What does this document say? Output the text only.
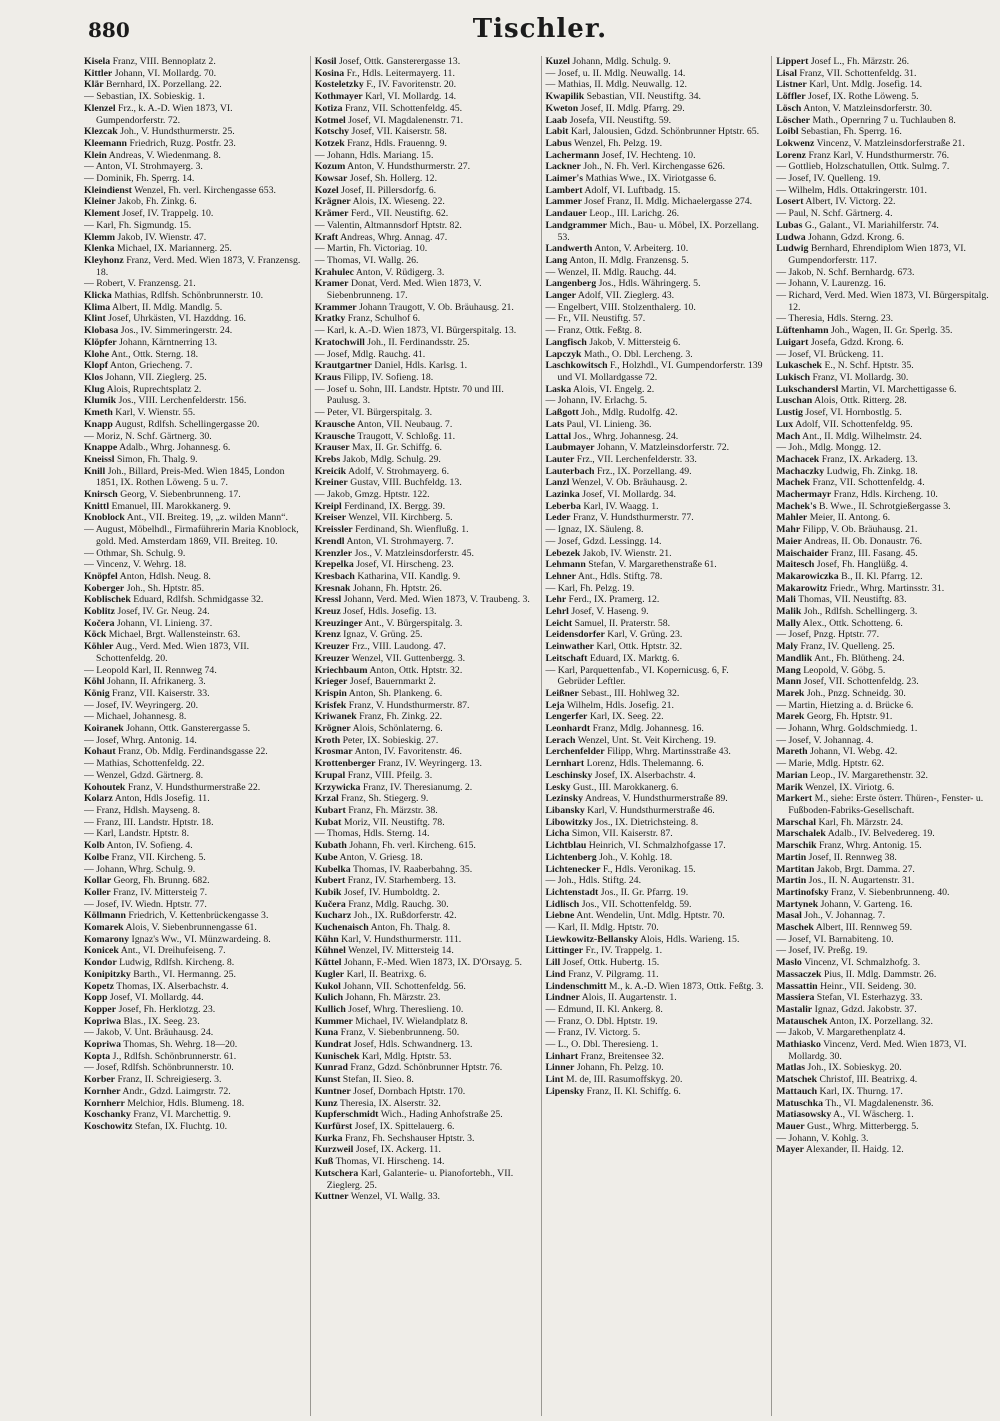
880	Tischler.
Kisela Franz, VIII. Bennoplatz 2.
Kittler Johann, VI. Mollardg. 70.
Klär Bernhard, IX. Porzellang. 22.
— Sebastian, IX. Sobieskig. 1.
Klenzel Frz., k. A.-D. Wien 1873, VI. Gumpendorferstr. 72.
Klezcak Joh., V. Hundsthurmerstr. 25.
Kleemann Friedrich, Ruzg. Postfr. 23.
Klein Andreas, V. Wiedenmang. 8.
— Anton, VI. Strohmayerg. 3.
— Dominik, Fh. Sperrg. 14.
Kleindienst Wenzel, Fh. verl. Kirchengasse 653.
Kleiner Jakob, Fh. Zinkg. 6.
Klement Josef, IV. Trappelg. 10.
— Karl, Fh. Sigmundg. 15.
Klemm Jakob, IV. Wienstr. 47.
Klenka Michael, IX. Mariannerg. 25.
Kleyhonz Franz, Verd. Med. Wien 1873, V. Franzensg. 18.
— Robert, V. Franzensg. 21.
Klicka Mathias, Rdlfsh. Schönbrunnerstr. 10.
Klima Albert, II. Mdlg. Mandlg. 5.
Klint Josef, Uhrkästen, VI. Hazddng. 16.
Klobasa Jos., IV. Simmeringerstr. 24.
Klöpfer Johann, Kärntnerring 13.
Klohe Ant., Ottk. Sterng. 18.
Klopf Anton, Griecheng. 7.
Klos Johann, VII. Zieglerg. 25.
Klug Alois, Ruprechtsplatz 2.
Klumik Jos., VIII. Lerchenfelderstr. 156.
Kmeth Karl, V. Wienstr. 55.
Knapp August, Rdlfsh. Schellingergasse 20.
— Moriz, N. Schf. Gärtnerg. 30.
Knappe Adalb., Whrg. Johannesg. 6.
Kneissl Simon, Fh. Thalg. 9.
Knill Joh., Billard, Preis-Med. Wien 1845, London 1851, IX. Rothen Löweng. 5 u. 7.
Knirsch Georg, V. Siebenbrunneng. 17.
Knittl Emanuel, III. Marokkanerg. 9.
Knoblock Ant., VII. Breiteg. 19, „z. wilden Mann“.
— August, Möbelhdl., Firmaführerin Maria Knoblock, gold. Med. Amsterdam 1869, VII. Breiteg. 10.
— Othmar, Sh. Schulg. 9.
— Vincenz, V. Wehrg. 18.
Knöpfel Anton, Hdlsh. Neug. 8.
Koberger Joh., Sh. Hptstr. 85.
Koblischek Eduard, Rdlfsh. Schmidgasse 32.
Koblitz Josef, IV. Gr. Neug. 24.
Kočera Johann, VI. Linieng. 37.
Köck Michael, Brgt. Wallensteinstr. 63.
Köhler Aug., Verd. Med. Wien 1873, VII. Schottenfeldg. 20.
— Leopold Karl, II. Rennweg 74.
Köhl Johann, II. Afrikanerg. 3.
König Franz, VII. Kaiserstr. 33.
— Josef, IV. Weyringerg. 20.
— Michael, Johannesg. 8.
Koiranek Johann, Ottk. Gansterergasse 5.
— Josef, Whrg. Antonig. 14.
Kohaut Franz, Ob. Mdlg. Ferdinandsgasse 22.
— Mathias, Schottenfeldg. 22.
— Wenzel, Gdzd. Gärtnerg. 8.
Kohoutek Franz, V. Hundsthurmerstraße 22.
Kolarz Anton, Hdls Josefig. 11.
— Franz, Hdlsh. Mayseng. 8.
— Franz, III. Landstr. Hptstr. 18.
— Karl, Landstr. Hptstr. 8.
Kolb Anton, IV. Sofieng. 4.
Kolbe Franz, VII. Kircheng. 5.
— Johann, Whrg. Schulg. 9.
Kollar Georg, Fh. Brunng. 682.
Koller Franz, IV. Mittersteig 7.
— Josef, IV. Wiedn. Hptstr. 77.
Köllmann Friedrich, V. Kettenbrückengasse 3.
Komarek Alois, V. Siebenbrunnengasse 61.
Komarony Ignaz's Ww., VI. Münzwardeing. 8.
Konicek Ant., VI. Dreihufeiseng. 7.
Kondor Ludwig, Rdlfsh. Kircheng. 8.
Konipitzky Barth., VI. Hermanng. 25.
Kopetz Thomas, IX. Alserbachstr. 4.
Kopp Josef, VI. Mollardg. 44.
Kopper Josef, Fh. Herklotzg. 23.
Kopriwa Blas., IX. Seeg. 23.
— Jakob, V. Unt. Bräuhausg. 24.
Kopriwa Thomas, Sh. Wehrg. 18—20.
Kopta J., Rdlfsh. Schönbrunnerstr. 61.
— Josef, Rdlfsh. Schönbrunnerstr. 10.
Korber Franz, II. Schreigieserg. 3.
Kornher Andr., Gdzd. Laimgrstr. 72.
Kornherr Melchior, Hdls. Blumeng. 18.
Koschanky Franz, VI. Marchettig. 9.
Koschowitz Stefan, IX. Fluchtg. 10.
Kosil Josef, Ottk. Gansterergasse 13.
Kosina Fr., Hdls. Leitermayerg. 11.
Kosteletzky F., IV. Favoritenstr. 20.
Kothmayer Karl, VI. Mollardg. 14.
Kotiza Franz, VII. Schottenfeldg. 45.
Kotmel Josef, VI. Magdalenenstr. 71.
Kotschy Josef, VII. Kaiserstr. 58.
Kotzek Franz, Hdls. Frauenng. 9.
— Johann, Hdls. Mariang. 15.
Kozum Anton, V. Hundsthurmerstr. 27.
Kowsar Josef, Sh. Hollerg. 12.
Kozel Josef, II. Pillersdorfg. 6.
Krägner Alois, IX. Wieseng. 22.
Krämer Ferd., VII. Neustiftg. 62.
— Valentin, Altmannsdorf Hptstr. 82.
Kraft Andreas, Whrg. Annag. 47.
— Martin, Fh. Victoriag. 10.
— Thomas, VI. Wallg. 26.
Krahulec Anton, V. Rüdigerg. 3.
Kramer Donat, Verd. Med. Wien 1873, V. Siebenbrunneng. 17.
Krammer Johann Traugott, V. Ob. Bräuhausg. 21.
Kratky Franz, Schulhof 6.
— Karl, k. A.-D. Wien 1873, VI. Bürgerspitalg. 13.
Kratochwill Joh., II. Ferdinandsstr. 25.
— Josef, Mdlg. Rauchg. 41.
Krautgartner Daniel, Hdls. Karlsg. 1.
Kraus Filipp, IV. Sofieng. 18.
— Josef u. Sohn, III. Landstr. Hptstr. 70 und III. Paulusg. 3.
— Peter, VI. Bürgerspitalg. 3.
Krausche Anton, VII. Neubaug. 7.
Krausche Traugott, V. Schloßg. 11.
Krauser Max, II. Gr. Schiffg. 6.
Krebs Jakob, Mdlg. Schulg. 29.
Kreicik Adolf, V. Strohmayerg. 6.
Kreiner Gustav, VIII. Buchfeldg. 13.
— Jakob, Gmzg. Hptstr. 122.
Kreipl Ferdinand, IX. Bergg. 39.
Kreiser Wenzel, VII. Kirchberg. 5.
Kreissler Ferdinand, Sh. Wienflußg. 1.
Krendl Anton, VI. Strohmayerg. 7.
Krenzler Jos., V. Matzleinsdorferstr. 45.
Krepelka Josef, VI. Hirscheng. 23.
Kresbach Katharina, VII. Kandlg. 9.
Kresnak Johann, Fh. Hptstr. 26.
Kressl Johann, Verd. Med. Wien 1873, V. Traubeng. 3.
Kreuz Josef, Hdls. Josefig. 13.
Kreuzinger Ant., V. Bürgerspitalg. 3.
Krenz Ignaz, V. Grüng. 25.
Kreuzer Frz., VIII. Laudong. 47.
Kreuzer Wenzel, VII. Guttenbergg. 3.
Kriechbaum Anton, Ottk. Hptstr. 32.
Krieger Josef, Bauernmarkt 2.
Krispin Anton, Sh. Plankeng. 6.
Krisfek Franz, V. Hundsthurmerstr. 87.
Kriwanek Franz, Fh. Zinkg. 22.
Krögner Alois, Schönlaterng. 6.
Kroth Peter, IX. Sobieskig. 27.
Krosmar Anton, IV. Favoritenstr. 46.
Krottenberger Franz, IV. Weyringerg. 13.
Krupal Franz, VIII. Pfeilg. 3.
Krzywicka Franz, IV. Theresianumg. 2.
Krzal Franz, Sh. Stiegerg. 9.
Kubart Franz, Fh. Märzstr. 38.
Kubat Moriz, VII. Neustiftg. 78.
— Thomas, Hdls. Sterng. 14.
Kubath Johann, Fh. verl. Kircheng. 615.
Kube Anton, V. Griesg. 18.
Kubelka Thomas, IV. Raaberbahng. 35.
Kubert Franz, IV. Starhemberg. 13.
Kubik Josef, IV. Humboldtg. 2.
Kučera Franz, Mdlg. Rauchg. 30.
Kucharz Joh., IX. Rußdorferstr. 42.
Kuchenaisch Anton, Fh. Thalg. 8.
Kühn Karl, V. Hundsthurmerstr. 111.
Kühnel Wenzel, IV. Mittersteig 14.
Küttel Johann, F.-Med. Wien 1873, IX. D'Orsayg. 5.
Kugler Karl, II. Beatrixg. 6.
Kukol Johann, VII. Schottenfeldg. 56.
Kulich Johann, Fh. Märzstr. 23.
Kullich Josef, Whrg. Thereslieng. 10.
Kummer Michael, IV. Wielandplatz 8.
Kuna Franz, V. Siebenbrunneng. 50.
Kundrat Josef, Hdls. Schwandnerg. 13.
Kunischek Karl, Mdlg. Hptstr. 53.
Kunrad Franz, Gdzd. Schönbrunner Hptstr. 76.
Kunst Stefan, II. Sieo. 8.
Kuntner Josef, Dornbach Hptstr. 170.
Kunz Theresia, IX. Alserstr. 32.
Kupferschmidt Wich., Hading Anhofstraße 25.
Kurfürst Josef, IX. Spittelauerg. 6.
Kurka Franz, Fh. Sechshauser Hptstr. 3.
Kurzweil Josef, IX. Ackerg. 11.
Kuß Thomas, VI. Hirscheng. 14.
Kutschera Karl, Galanterie- u. Pianofortebh., VII. Zieglerg. 25.
Kuttner Wenzel, VI. Wallg. 33.
Kuzel Johann, Mdlg. Schulg. 9.
— Josef, u. II. Mdlg. Neuwallg. 14.
— Mathias, II. Mdlg. Neuwallg. 12.
Kwapilik Sebastian, VII. Neustiftg. 34.
Kweton Josef, II. Mdlg. Pfarrg. 29.
Laab Josefa, VII. Neustiftg. 59.
Labit Karl, Jalousien, Gdzd. Schönbrunner Hptstr. 65.
Labus Wenzel, Fh. Pelzg. 19.
Lachermann Josef, IV. Hechteng. 10.
Lackner Joh., N. Fh. Verl. Kirchengasse 626.
Laimer's Mathias Wwe., IX. Viriotgasse 6.
Lambert Adolf, VI. Luftbadg. 15.
Lammer Josef Franz, II. Mdlg. Michaelergasse 274.
Landauer Leop., III. Larichg. 26.
Landgrammer Mich., Bau- u. Möbel, IX. Porzellang. 53.
Landwerth Anton, V. Arbeiterg. 10.
Lang Anton, II. Mdlg. Franzensg. 5.
— Wenzel, II. Mdlg. Rauchg. 44.
Langenberg Jos., Hdls. Währingerg. 5.
Langer Adolf, VII. Zieglerg. 43.
— Engelbert, VIII. Stolzenthalerg. 10.
— Fr., VII. Neustiftg. 57.
— Franz, Ottk. Feßtg. 8.
Langfisch Jakob, V. Mittersteig 6.
Lapczyk Math., O. Dbl. Lercheng. 3.
Laschkowitsch F., Holzhdl., VI. Gumpendorferstr. 139 und VI. Mollardgasse 72.
Laska Alois, VI. Engelg. 2.
— Johann, IV. Erlachg. 5.
Laßgott Joh., Mdlg. Rudolfg. 42.
Lats Paul, VI. Linieng. 36.
Lattal Jos., Whrg. Johannesg. 24.
Laubmayer Johann, V. Matzleinsdorferstr. 72.
Lauter Frz., VII. Lerchenfelderstr. 33.
Lauterbach Frz., IX. Porzellang. 49.
Lanzl Wenzel, V. Ob. Bräuhausg. 2.
Lazinka Josef, VI. Mollardg. 34.
Leberba Karl, IV. Waagg. 1.
Leder Franz, V. Hundsthurmerstr. 77.
— Ignaz, IX. Säuleng. 8.
— Josef, Gdzd. Lessingg. 14.
Lebezek Jakob, IV. Wienstr. 21.
Lehmann Stefan, V. Margarethenstraße 61.
Lehner Ant., Hdls. Stiftg. 78.
— Karl, Fh. Pelzg. 19.
Lehr Ferd., IX. Pramerg. 12.
Lehrl Josef, V. Haseng. 9.
Leicht Samuel, II. Praterstr. 58.
Leidensdorfer Karl, V. Grüng. 23.
Leinwather Karl, Ottk. Hptstr. 32.
Leitschaft Eduard, IX. Marktg. 6.
— Karl, Parquettenfab., VI. Kopernicusg. 6, F. Gebrüder Leftler.
Leißner Sebast., III. Hohlweg 32.
Leja Wilhelm, Hdls. Josefig. 21.
Lengerfer Karl, IX. Seeg. 22.
Leonhardt Franz, Mdlg. Johannesg. 16.
Lerach Wenzel, Unt. St. Veit Kircheng. 19.
Lerchenfelder Filipp, Whrg. Martinsstraße 43.
Lernhart Lorenz, Hdls. Thelemanng. 6.
Leschinsky Josef, IX. Alserbachstr. 4.
Lesky Gust., III. Marokkanerg. 6.
Lezinsky Andreas, V. Hundsthurmerstraße 89.
Libansky Karl, V. Hundsthurmerstraße 46.
Libowitzky Jos., IX. Dietrichsteing. 8.
Licha Simon, VII. Kaiserstr. 87.
Lichtblau Heinrich, VI. Schmalzhofgasse 17.
Lichtenberg Joh., V. Kohlg. 18.
Lichtenecker F., Hdls. Veronikag. 15.
— Joh., Hdls. Stiftg. 24.
Lichtenstadt Jos., II. Gr. Pfarrg. 19.
Lidlisch Jos., VII. Schottenfeldg. 59.
Liebne Ant. Wendelin, Unt. Mdlg. Hptstr. 70.
— Karl, II. Mdlg. Hptstr. 70.
Liewkowitz-Bellansky Alois, Hdls. Warieng. 15.
Littinger Fr., IV. Trappelg. 1.
Lill Josef, Ottk. Hubertg. 15.
Lind Franz, V. Pilgramg. 11.
Lindenschmitt M., k. A.-D. Wien 1873, Ottk. Feßtg. 3.
Lindner Alois, II. Augartenstr. 1.
— Edmund, II. Kl. Ankerg. 8.
— Franz, O. Dbl. Hptstr. 19.
— Franz, IV. Victorg. 5.
— L., O. Dbl. Theresieng. 1.
Linhart Franz, Breitensee 32.
Linner Johann, Fh. Pelzg. 10.
Lint M. de, III. Rasumoffskyg. 20.
Lipensky Franz, II. Kl. Schiffg. 6.
Lippert Josef L., Fh. Märzstr. 26.
Lisal Franz, VII. Schottenfeldg. 31.
Listner Karl, Unt. Mdlg. Josefig. 14.
Löffler Josef, IX. Rothe Löweng. 5.
Lösch Anton, V. Matzleinsdorferstr. 30.
Löscher Math., Opernring 7 u. Tuchlauben 8.
Loibl Sebastian, Fh. Sperrg. 16.
Lokwenz Vincenz, V. Matzleinsdorferstraße 21.
Lorenz Franz Karl, V. Hundsthurmerstr. 76.
— Gottlieb, Holzschatullen, Ottk. Sulmg. 7.
— Josef, IV. Quelleng. 19.
— Wilhelm, Hdls. Ottakringerstr. 101.
Losert Albert, IV. Victorg. 22.
— Paul, N. Schf. Gärtnerg. 4.
Lubas G., Galant., VI. Mariahilferstr. 74.
Ludwa Johann, Gdzd. Krong. 6.
Ludwig Bernhard, Ehrendiplom Wien 1873, VI. Gumpendorferstr. 117.
— Jakob, N. Schf. Bernhardg. 673.
— Johann, V. Laurenzg. 16.
— Richard, Verd. Med. Wien 1873, VI. Bürgerspitalg. 12.
— Theresia, Hdls. Sterng. 23.
Lüftenhamn Joh., Wagen, II. Gr. Sperlg. 35.
Luigart Josefa, Gdzd. Krong. 6.
— Josef, VI. Brückeng. 11.
Lukaschek E., N. Schf. Hptstr. 35.
Lukisch Franz, VI. Mollardg. 30.
Lukschandersl Martin, VI. Marchettigasse 6.
Luschan Alois, Ottk. Ritterg. 28.
Lustig Josef, VI. Hornbostlg. 5.
Lux Adolf, VII. Schottenfeldg. 95.
Mach Ant., II. Mdlg. Wilhelmstr. 24.
— Joh., Mdlg. Mongg. 12.
Machacek Franz, IX. Arkaderg. 13.
Machaczky Ludwig, Fh. Zinkg. 18.
Machek Franz, VII. Schottenfeldg. 4.
Machermayr Franz, Hdls. Kircheng. 10.
Machek's B. Wwe., II. Schrotgießergasse 3.
Mahler Meier, II. Antong. 6.
Mahr Filipp, V. Ob. Bräuhausg. 21.
Maier Andreas, II. Ob. Donaustr. 76.
Maischaider Franz, III. Fasang. 45.
Maitesch Josef, Fh. Hanglüßg. 4.
Makarowiczka B., II. Kl. Pfarrg. 12.
Makarowitz Friedr., Whrg. Martinsstr. 31.
Mali Thomas, VII. Neustiftg. 83.
Malik Joh., Rdlfsh. Schellingerg. 3.
Mally Alex., Ottk. Schotteng. 6.
— Josef, Pnzg. Hptstr. 77.
Maly Franz, IV. Quelleng. 25.
Mandlik Ant., Fh. Blütheng. 24.
Mang Leopold, V. Göbg. 5.
Mann Josef, VII. Schottenfeldg. 23.
Marek Joh., Pnzg. Schneidg. 30.
— Martin, Hietzing a. d. Brücke 6.
Marek Georg, Fh. Hptstr. 91.
— Johann, Whrg. Goldschmiedg. 1.
— Josef, V. Johannag. 4.
Mareth Johann, VI. Webg. 42.
— Marie, Mdlg. Hptstr. 62.
Marian Leop., IV. Margarethenstr. 32.
Marik Wenzel, IX. Viriotg. 6.
Markert M., siehe: Erste österr. Thüren-, Fenster- u. Fußboden-Fabriks-Gesellschaft.
Marschal Karl, Fh. Märzstr. 24.
Marschalek Adalb., IV. Belvedereg. 19.
Marschik Franz, Whrg. Antonig. 15.
Martin Josef, II. Rennweg 38.
Martitan Jakob, Brgt. Damma. 27.
Martin Jos., II. N. Augartenstr. 31.
Martinofsky Franz, V. Siebenbrunneng. 40.
Martynek Johann, V. Garteng. 16.
Masal Joh., V. Johannag. 7.
Maschek Albert, III. Rennweg 59.
— Josef, VI. Barnabiteng. 10.
— Josef, IV. Preßg. 19.
Maslo Vincenz, VI. Schmalzhofg. 3.
Massaczek Pius, II. Mdlg. Dammstr. 26.
Massattin Heinr., VII. Seideng. 30.
Massiera Stefan, VI. Esterhazyg. 33.
Mastalir Ignaz, Gdzd. Jakobstr. 37.
Matauschek Anton, IX. Porzellang. 32.
— Jakob, V. Margarethenplatz 4.
Mathiasko Vincenz, Verd. Med. Wien 1873, VI. Mollardg. 30.
Matlas Joh., IX. Sobieskyg. 20.
Matschek Christof, III. Beatrixg. 4.
Mattauch Karl, IX. Thurng. 17.
Matuschka Th., VI. Magdalenenstr. 36.
Matiasowsky A., VI. Wäscherg. 1.
Mauer Gust., Whrg. Mitterbergg. 5.
— Johann, V. Kohlg. 3.
Mayer Alexander, II. Haidg. 12.
